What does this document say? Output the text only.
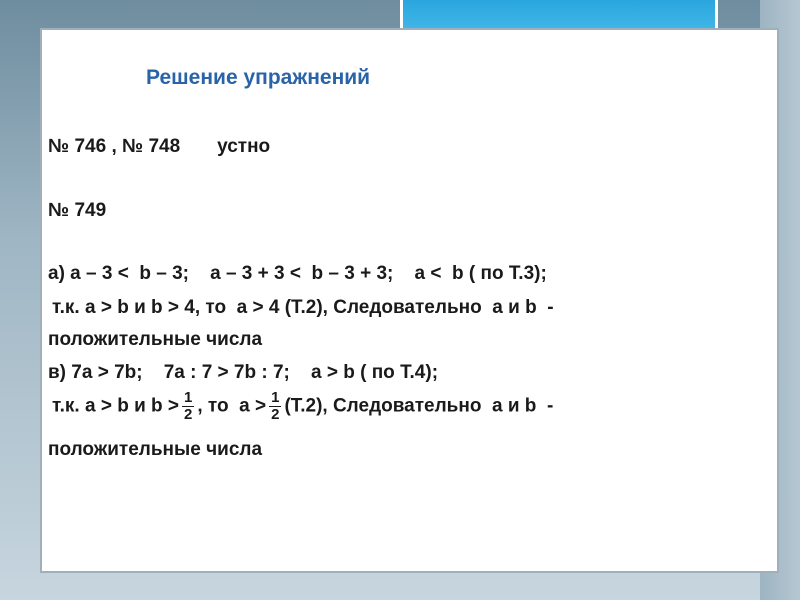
Решение упражнений
№ 746 , № 748       устно
№ 749
а) a – 3 <  b – 3;    a – 3 + 3 <  b – 3 + 3;    a <  b ( по Т.3);
т.к. a > b и b > 4, то  a > 4 (Т.2), Следовательно  a и b  -
положительные числа
в) 7a > 7b;    7a : 7 > 7b : 7;    a > b ( по Т.4);
т.к. a > b и $b > \frac{1}{2}$ , то  $a > \frac{1}{2} (Т.2)$, Следовательно  a и b  -
положительные числа
